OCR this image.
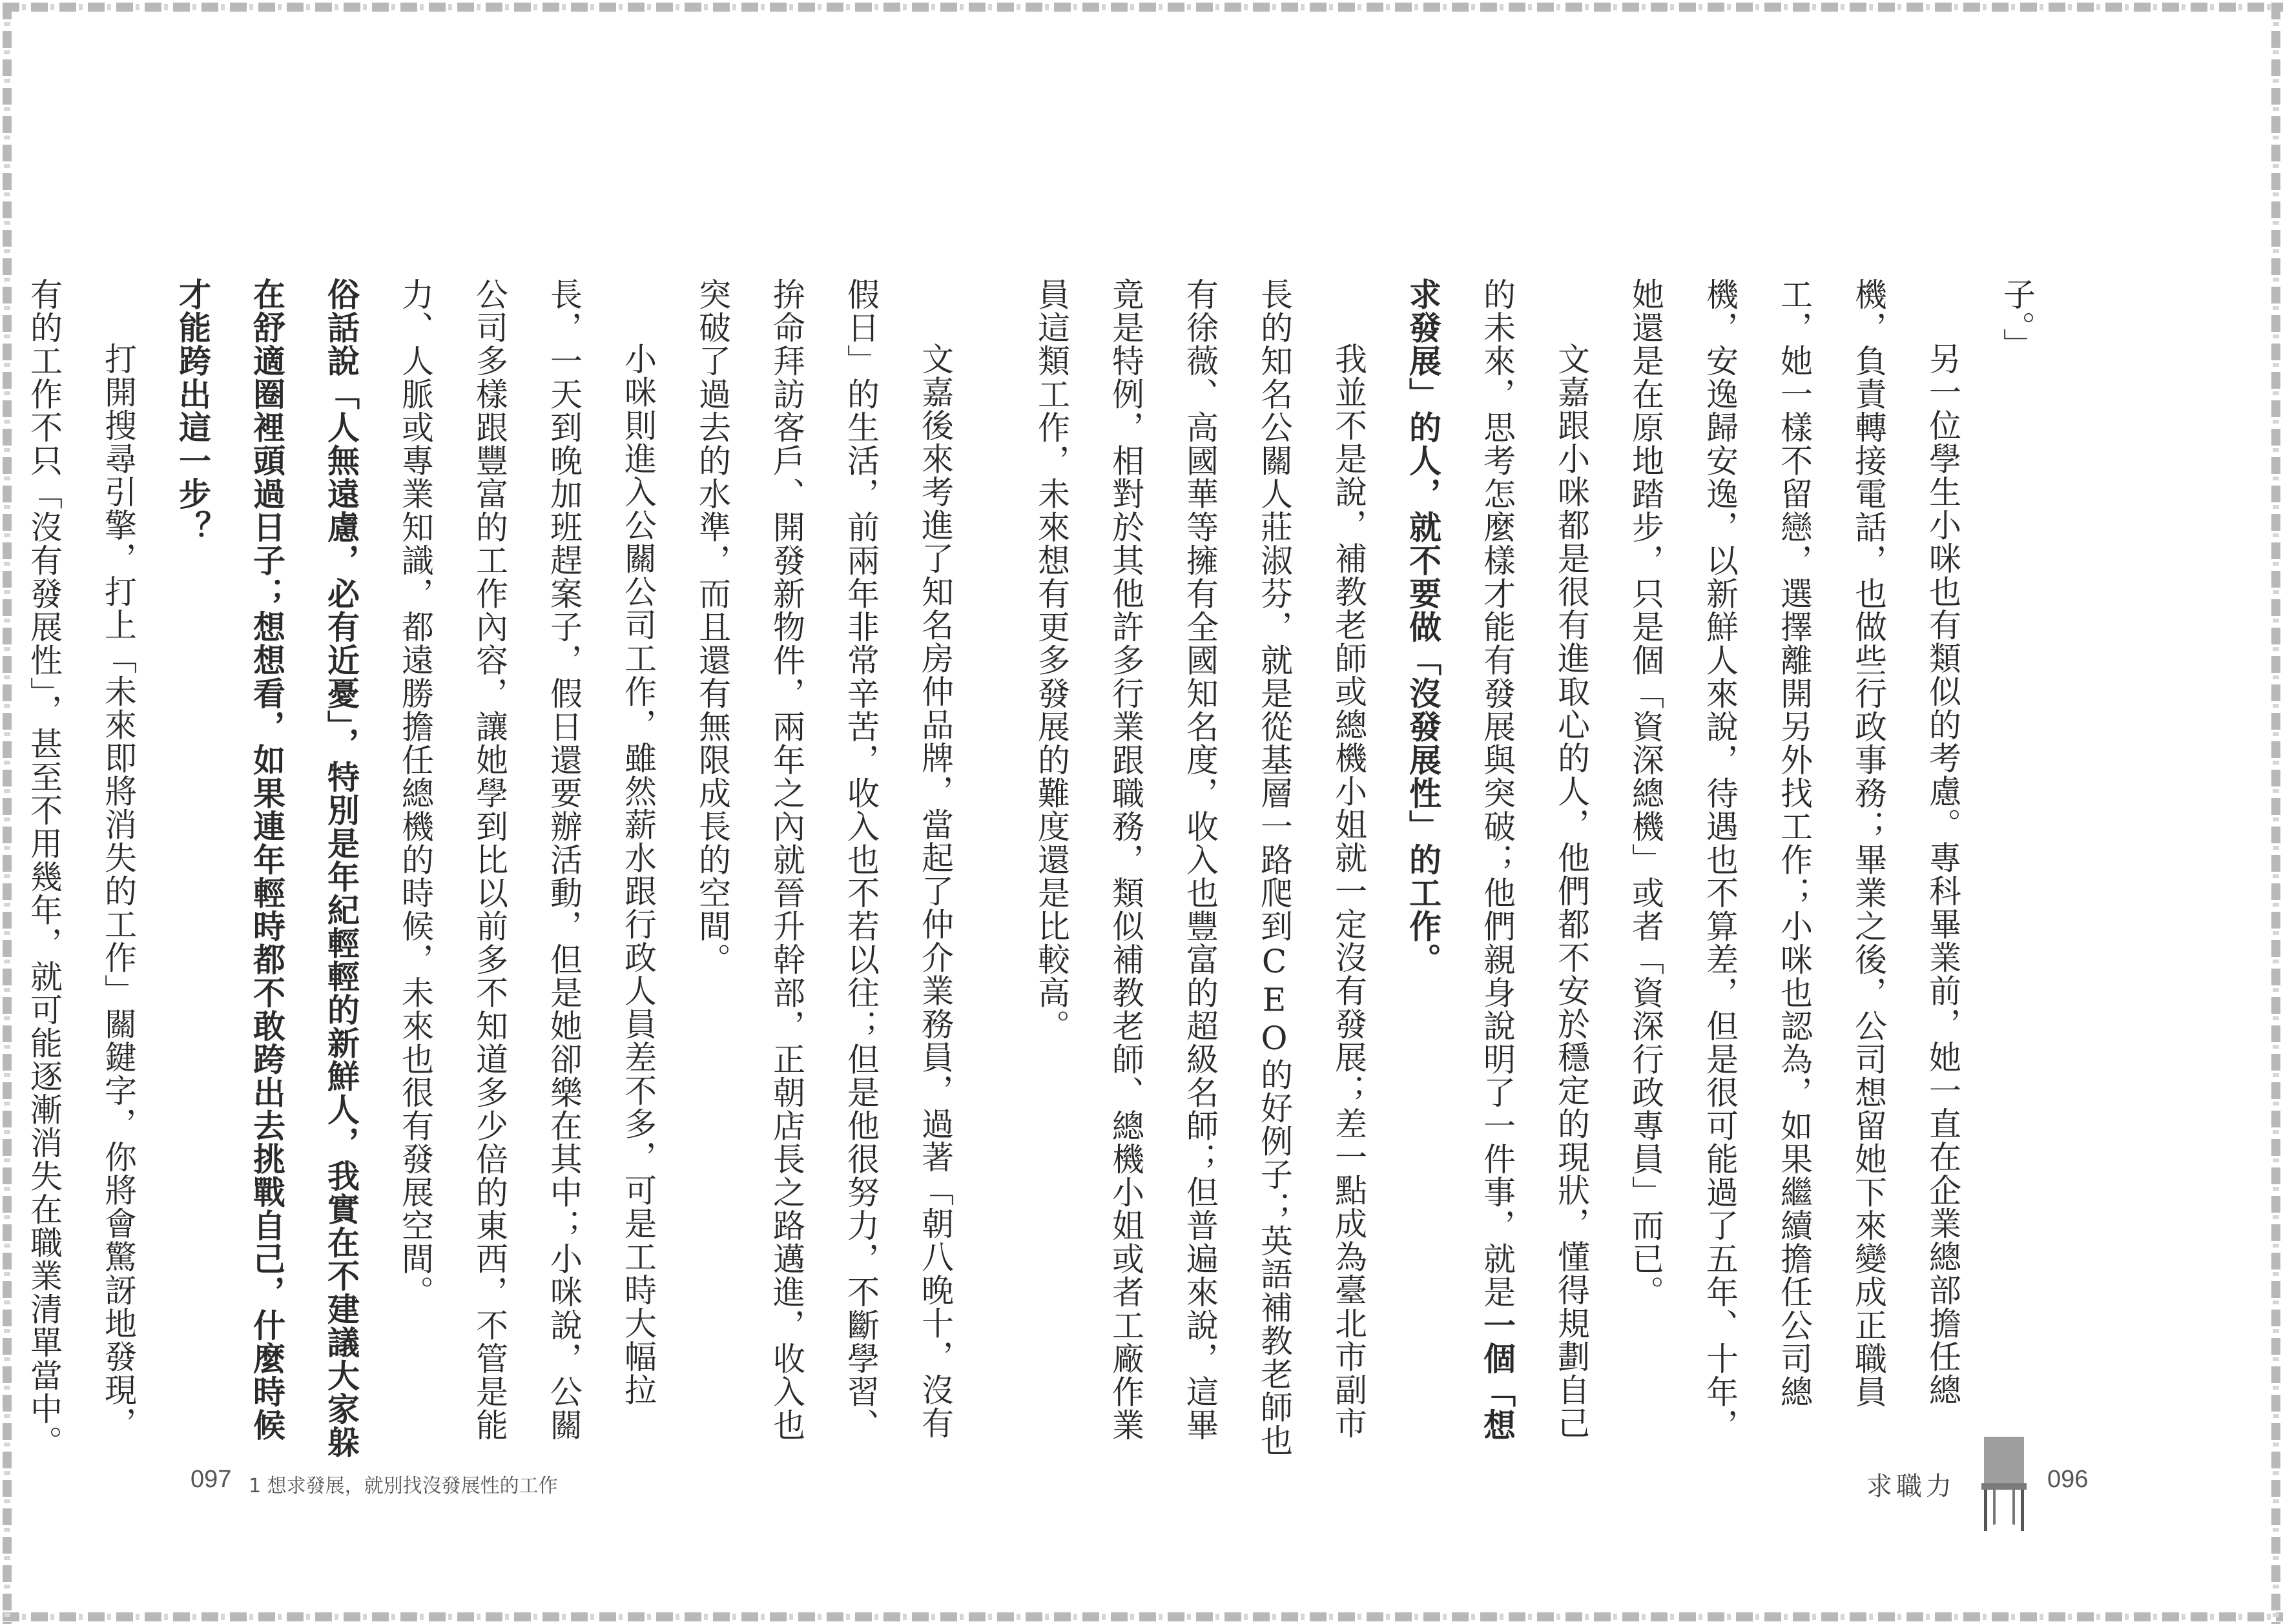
子。」

另一位學生小咪也有類似的考慮。專科畢業前，她一直在企業總部擔任總機，負責轉接電話，也做些行政事務；畢業之後，公司想留她下來變成正職員工，她一樣不留戀，選擇離開另外找工作；小咪也認為，如果繼續擔任公司總機，安逸歸安逸，以新鮮人來說，待遇也不算差，但是很可能過了五年、十年，她還是在原地踏步，只是個「資深總機」或者「資深行政專員」而已。

文嘉跟小咪都是很有進取心的人，他們都不安於穩定的現狀，懂得規劃自己的未來，思考怎麼樣才能有發展與突破；他們親身說明了一件事，就是一個「想求發展」的人，就不要做「沒發展性」的工作。

我並不是說，補教老師或總機小姐就一定沒有發展；差一點成為臺北市副市長的知名公關人莊淑芬，就是從基層一路爬到CEO的好例子；英語補教老師也有徐薇、高國華等擁有全國知名度，收入也豐富的超級名師；但普遍來說，這畢竟是特例，相對於其他許多行業跟職務，類似補教老師、總機小姐或者工廠作業員這類工作，未來想有更多發展的難度還是比較高。

文嘉後來考進了知名房仲品牌，當起了仲介業務員，過著「朝八晚十，沒有假日」的生活，前兩年非常辛苦，收入也不若以往；但是他很努力，不斷學習、拚命拜訪客戶、開發新物件，兩年之內就晉升幹部，正朝店長之路邁進，收入也突破了過去的水準，而且還有無限成長的空間。

小咪則進入公關公司工作，雖然薪水跟行政人員差不多，可是工時大幅拉長，一天到晚加班趕案子，假日還要辦活動，但是她卻樂在其中；小咪說，公關公司多樣跟豐富的工作內容，讓她學到比以前多不知道多少倍的東西，不管是能力、人脈或專業知識，都遠勝擔任總機的時候，未來也很有發展空間。

俗話說「人無遠慮，必有近憂」，特別是年紀輕輕的新鮮人，我實在不建議大家躲在舒適圈裡頭過日子；想想看，如果連年輕時都不敢跨出去挑戰自己，什麼時候才能跨出這一步？

打開搜尋引擎，打上「未來即將消失的工作」關鍵字，你將會驚訝地發現，有的工作不只「沒有發展性」，甚至不用幾年，就可能逐漸消失在職業清單當中。

097 1 想求發展，就別找沒發展性的工作	求職力	096
